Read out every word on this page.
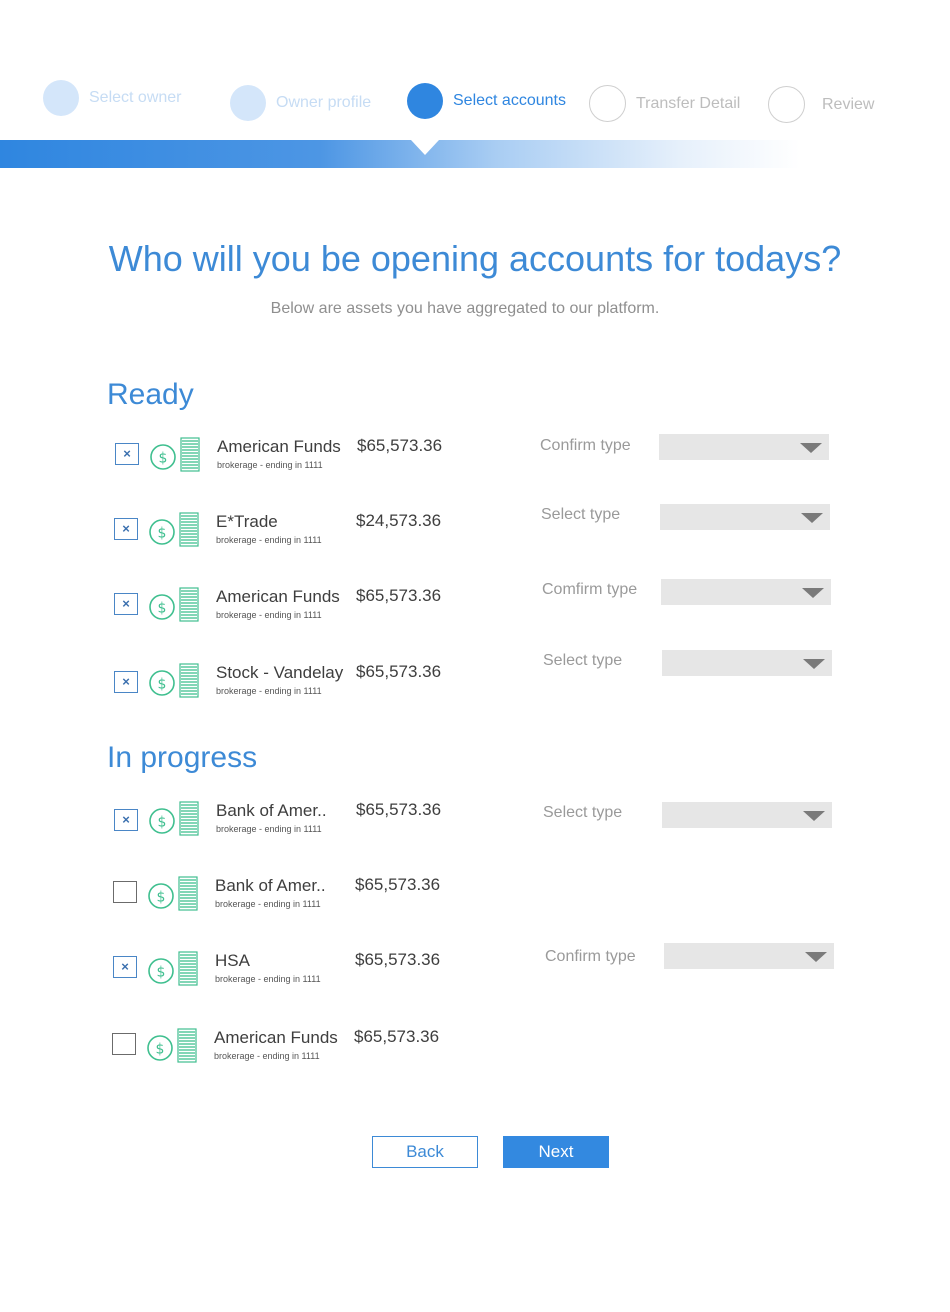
Select owner	Owner profile	Select accounts	Transfer Detail	Review
Who will you be opening accounts for todays?

Below are assets you have aggregated to our platform.

Ready
×	$
American Funds
brokerage - ending in 1111
$65,573.36	Confirm type
×	$
E*Trade
brokerage - ending in 1111
$24,573.36	Select type
×	$
American Funds
brokerage - ending in 1111
$65,573.36	Comfirm type
×	$
Stock - Vandelay
brokerage - ending in 1111
$65,573.36
Select type
In progress
×	$
Bank of Amer..
brokerage - ending in 1111
$65,573.36	Select type
$
Bank of Amer..
brokerage - ending in 1111
$65,573.36
×	$
HSA
brokerage - ending in 1111
$65,573.36	Confirm type
$
American Funds
brokerage - ending in 1111
$65,573.36
Back	Next
